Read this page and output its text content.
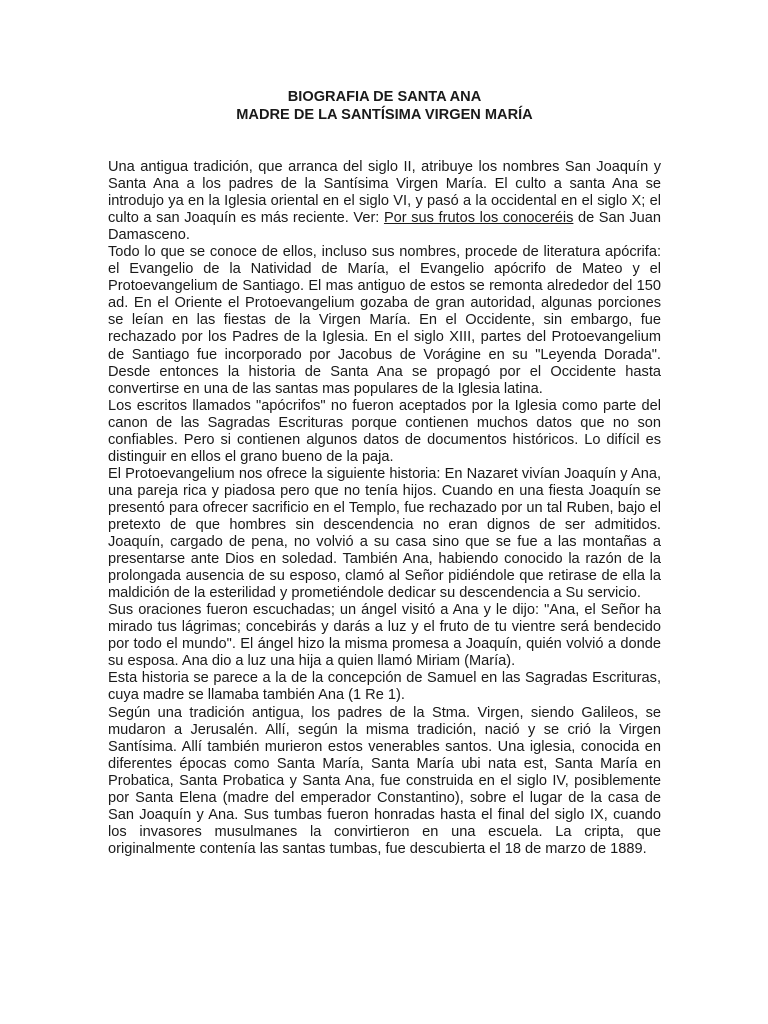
BIOGRAFIA DE SANTA ANA

MADRE DE LA SANTÍSIMA VIRGEN MARÍA

Una antigua tradición, que arranca del siglo II, atribuye los nombres San Joaquín y Santa Ana a los padres de la Santísima Virgen María. El culto a santa Ana se introdujo ya en la Iglesia oriental en el siglo VI, y pasó a la occidental en el siglo X; el culto a san Joaquín es más reciente. Ver: Por sus frutos los conoceréis de San Juan Damasceno.

Todo lo que se conoce de ellos, incluso sus nombres, procede de literatura apócrifa: el Evangelio de la Natividad de María, el Evangelio apócrifo de Mateo y el Protoevangelium de Santiago. El mas antiguo de estos se remonta alrededor del 150 ad. En el Oriente el Protoevangelium gozaba de gran autoridad, algunas porciones se leían en las fiestas de la Virgen María. En el Occidente, sin embargo, fue rechazado por los Padres de la Iglesia. En el siglo XIII, partes del Protoevangelium de Santiago fue incorporado por Jacobus de Vorágine en su "Leyenda Dorada". Desde entonces la historia de Santa Ana se propagó por el Occidente hasta convertirse en una de las santas mas populares de la Iglesia latina.

Los escritos llamados "apócrifos" no fueron aceptados por la Iglesia como parte del canon de las Sagradas Escrituras porque contienen muchos datos que no son confiables. Pero si contienen algunos datos de documentos históricos. Lo difícil es distinguir en ellos el grano bueno de la paja.

El Protoevangelium nos ofrece la siguiente historia: En Nazaret vivían Joaquín y Ana, una pareja rica y piadosa pero que no tenía hijos. Cuando en una fiesta Joaquín se presentó para ofrecer sacrificio en el Templo, fue rechazado por un tal Ruben, bajo el pretexto de que hombres sin descendencia no eran dignos de ser admitidos. Joaquín, cargado de pena, no volvió a su casa sino que se fue a las montañas a presentarse ante Dios en soledad. También Ana, habiendo conocido la razón de la prolongada ausencia de su esposo, clamó al Señor pidiéndole que retirase de ella la maldición de la esterilidad y prometiéndole dedicar su descendencia a Su servicio.

Sus oraciones fueron escuchadas; un ángel visitó a Ana y le dijo: "Ana, el Señor ha mirado tus lágrimas; concebirás y darás a luz y el fruto de tu vientre será bendecido por todo el mundo". El ángel hizo la misma promesa a Joaquín, quién volvió a donde su esposa. Ana dio a luz una hija a quien llamó Miriam (María).

Esta historia se parece a la de la concepción de Samuel en las Sagradas Escrituras, cuya madre se llamaba también Ana (1 Re 1).

Según una tradición antigua, los padres de la Stma. Virgen, siendo Galileos, se mudaron a Jerusalén. Allí, según la misma tradición, nació y se crió la Virgen Santísima. Allí también murieron estos venerables santos. Una iglesia, conocida en diferentes épocas como Santa María, Santa María ubi nata est, Santa María en Probatica, Santa Probatica y Santa Ana, fue construida en el siglo IV, posiblemente por Santa Elena (madre del emperador Constantino), sobre el lugar de la casa de San Joaquín y Ana. Sus tumbas fueron honradas hasta el final del siglo IX, cuando los invasores musulmanes la convirtieron en una escuela. La cripta, que originalmente contenía las santas tumbas, fue descubierta el 18 de marzo de 1889.
